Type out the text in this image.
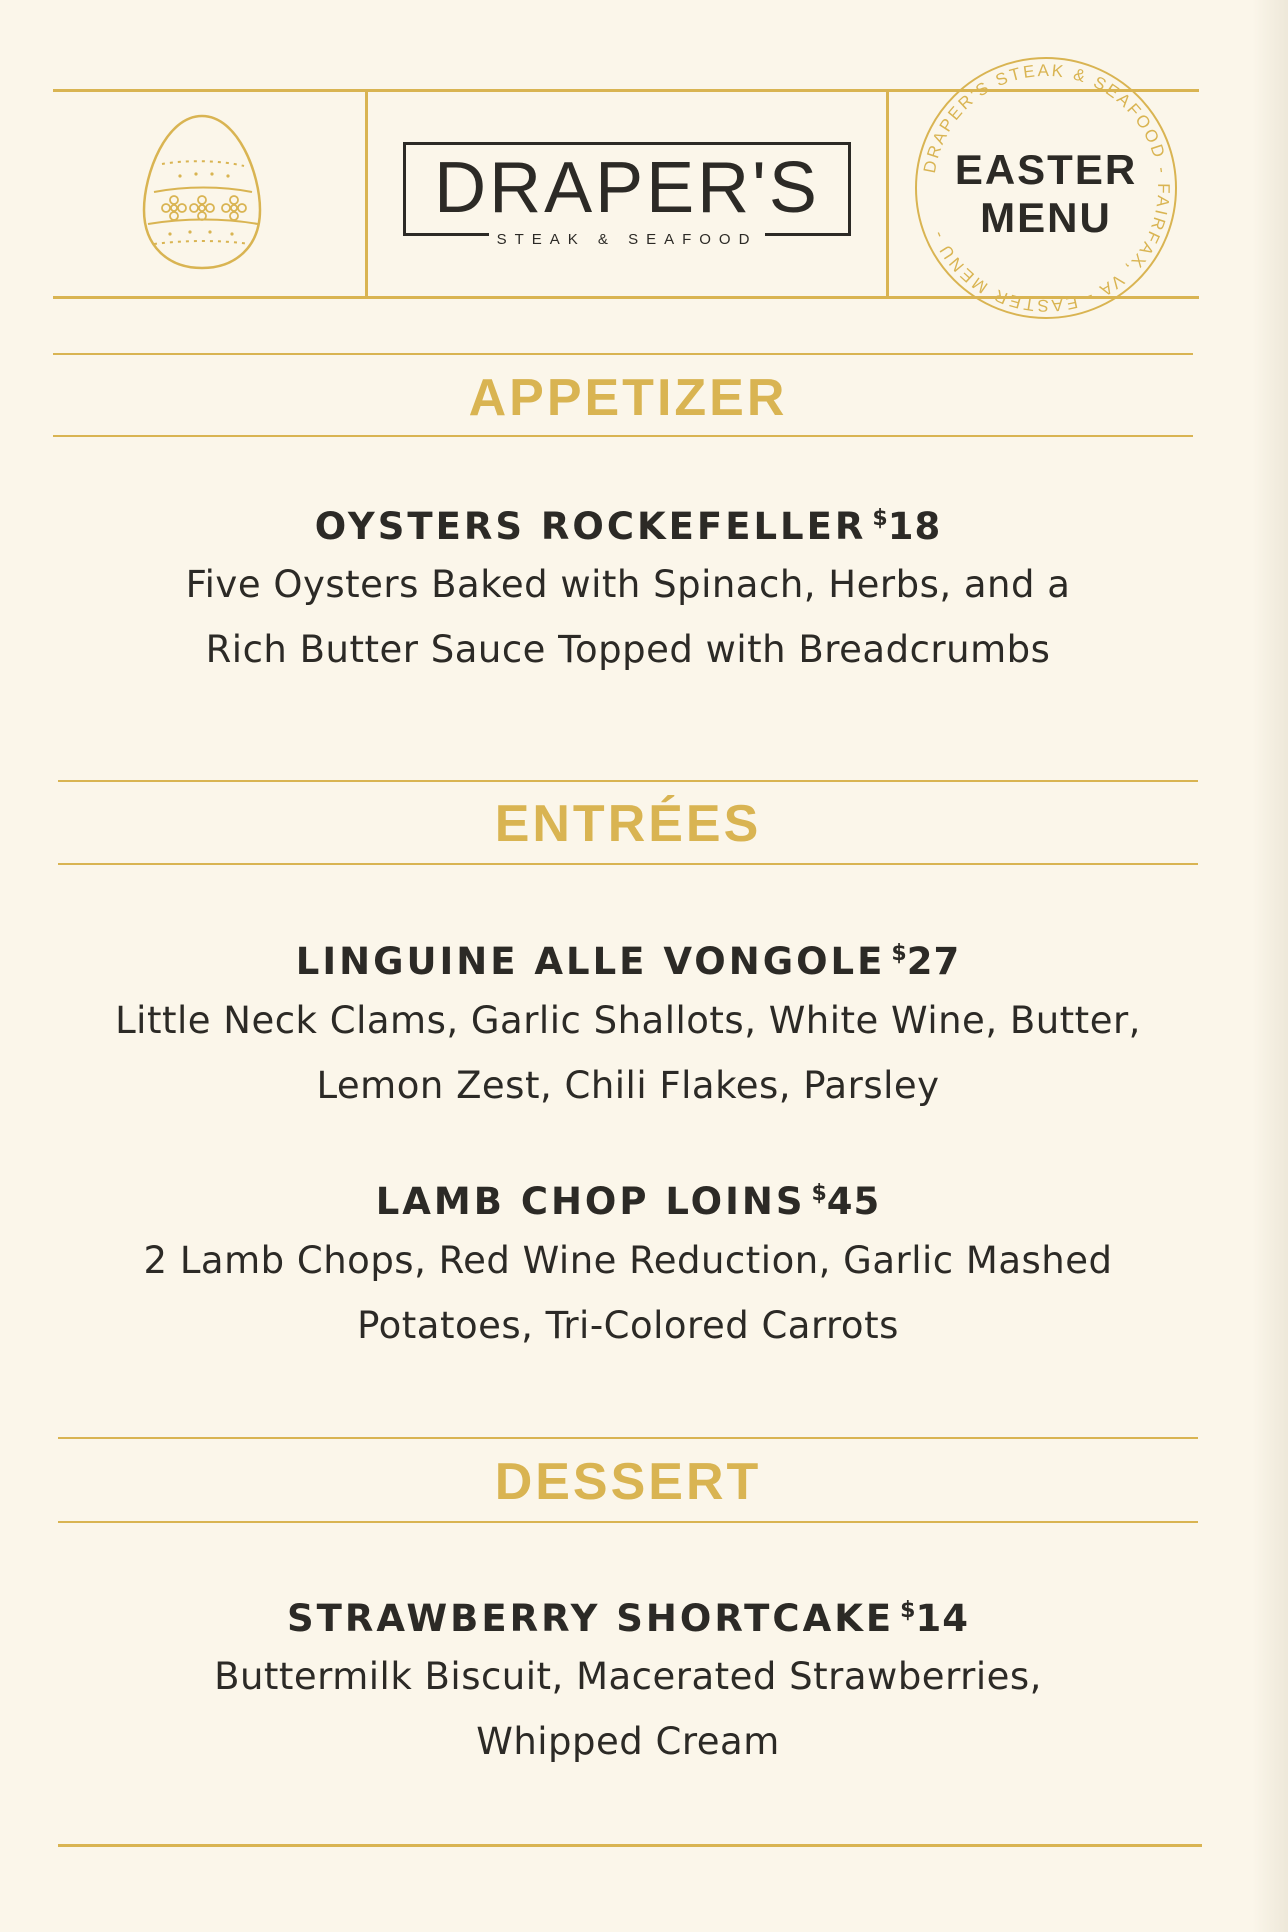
DRAPER'S
STEAK & SEAFOOD
DRAPER'S STEAK & SEAFOOD - FAIRFAX, VA - EASTER MENU -
EASTER
MENU
APPETIZER
OYSTERS ROCKEFELLER $18
Five Oysters Baked with Spinach, Herbs, and a
Rich Butter Sauce Topped with Breadcrumbs
ENTRÉES
LINGUINE ALLE VONGOLE $27
Little Neck Clams, Garlic Shallots, White Wine, Butter,
Lemon Zest, Chili Flakes, Parsley
LAMB CHOP LOINS $45
2 Lamb Chops, Red Wine Reduction, Garlic Mashed
Potatoes, Tri-Colored Carrots
DESSERT
STRAWBERRY SHORTCAKE $14
Buttermilk Biscuit, Macerated Strawberries,
Whipped Cream
